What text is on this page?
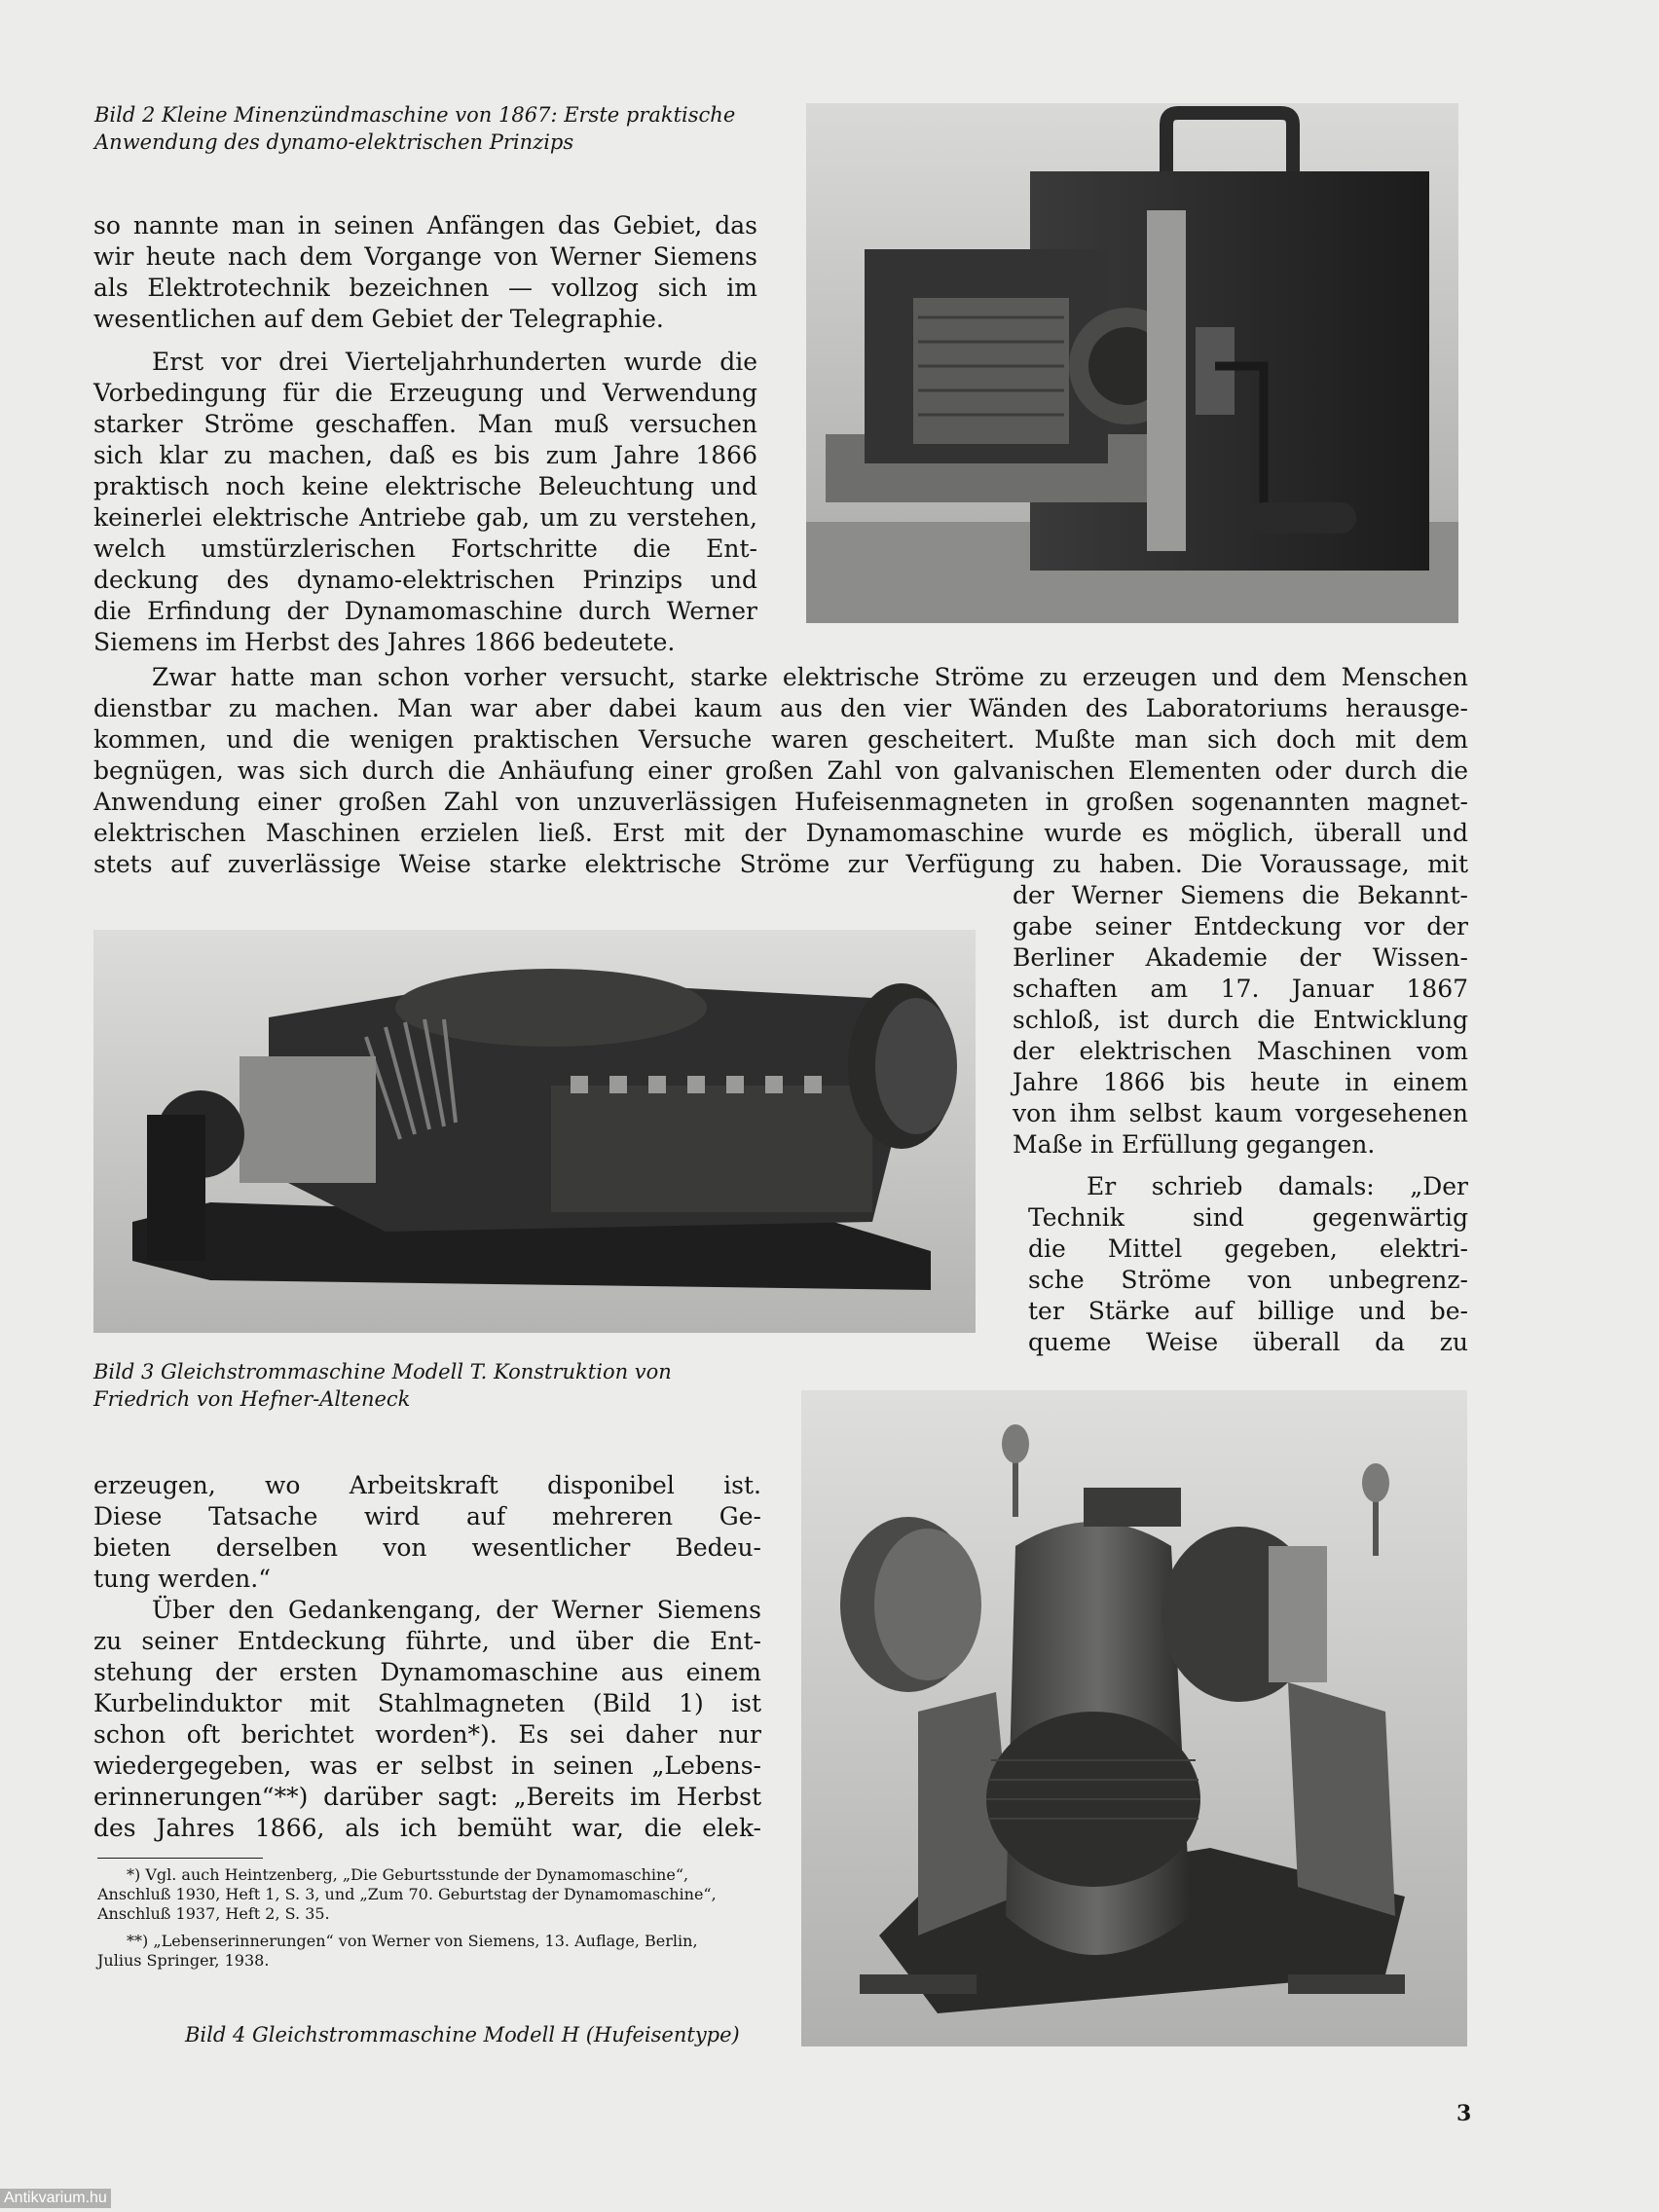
Bild 2 Kleine Minenzündmaschine von 1867: Erste praktische

Anwendung des dynamo-elektrischen Prinzips

so nannte man in seinen Anfängen das Gebiet, das
wir heute nach dem Vorgange von Werner Siemens
als Elektrotechnik bezeichnen — vollzog sich im
wesentlichen auf dem Gebiet der Telegraphie.
Erst vor drei Vierteljahrhunderten wurde die
Vorbedingung für die Erzeugung und Verwendung
starker Ströme geschaffen. Man muß versuchen
sich klar zu machen, daß es bis zum Jahre 1866
praktisch noch keine elektrische Beleuchtung und
keinerlei elektrische Antriebe gab, um zu verstehen,
welch umstürzlerischen Fortschritte die Ent-
deckung des dynamo-elektrischen Prinzips und
die Erfindung der Dynamomaschine durch Werner
Siemens im Herbst des Jahres 1866 bedeutete.
Zwar hatte man schon vorher versucht, starke elektrische Ströme zu erzeugen und dem Menschen
dienstbar zu machen. Man war aber dabei kaum aus den vier Wänden des Laboratoriums herausge-
kommen, und die wenigen praktischen Versuche waren gescheitert. Mußte man sich doch mit dem
begnügen, was sich durch die Anhäufung einer großen Zahl von galvanischen Elementen oder durch die
Anwendung einer großen Zahl von unzuverlässigen Hufeisenmagneten in großen sogenannten magnet-
elektrischen Maschinen erzielen ließ. Erst mit der Dynamomaschine wurde es möglich, überall und
stets auf zuverlässige Weise starke elektrische Ströme zur Verfügung zu haben. Die Voraussage, mit
der Werner Siemens die Bekannt-
gabe seiner Entdeckung vor der
Berliner Akademie der Wissen-
schaften am 17. Januar 1867
schloß, ist durch die Entwicklung
der elektrischen Maschinen vom
Jahre 1866 bis heute in einem
von ihm selbst kaum vorgesehenen
Maße in Erfüllung gegangen.
Er schrieb damals: „Der
Technik sind gegenwärtig
die Mittel gegeben, elektri-
sche Ströme von unbegrenz-
ter Stärke auf billige und be-
queme Weise überall da zu

Bild 3 Gleichstrommaschine Modell T. Konstruktion von

Friedrich von Hefner-Alteneck

erzeugen, wo Arbeitskraft disponibel ist.
Diese Tatsache wird auf mehreren Ge-
bieten derselben von wesentlicher Bedeu-
tung werden.“
Über den Gedankengang, der Werner Siemens
zu seiner Entdeckung führte, und über die Ent-
stehung der ersten Dynamomaschine aus einem
Kurbelinduktor mit Stahlmagneten (Bild 1) ist
schon oft berichtet worden*). Es sei daher nur
wiedergegeben, was er selbst in seinen „Lebens-
erinnerungen“**) darüber sagt: „Bereits im Herbst
des Jahres 1866, als ich bemüht war, die elek-
*) Vgl. auch Heintzenberg, „Die Geburtsstunde der Dynamomaschine“,
Anschluß 1930, Heft 1, S. 3, und „Zum 70. Geburtstag der Dynamomaschine“,
Anschluß 1937, Heft 2, S. 35.
**) „Lebenserinnerungen“ von Werner von Siemens, 13. Auflage, Berlin,
Julius Springer, 1938.

Bild 4 Gleichstrommaschine Modell H (Hufeisentype)

3

Antikvarium.hu
